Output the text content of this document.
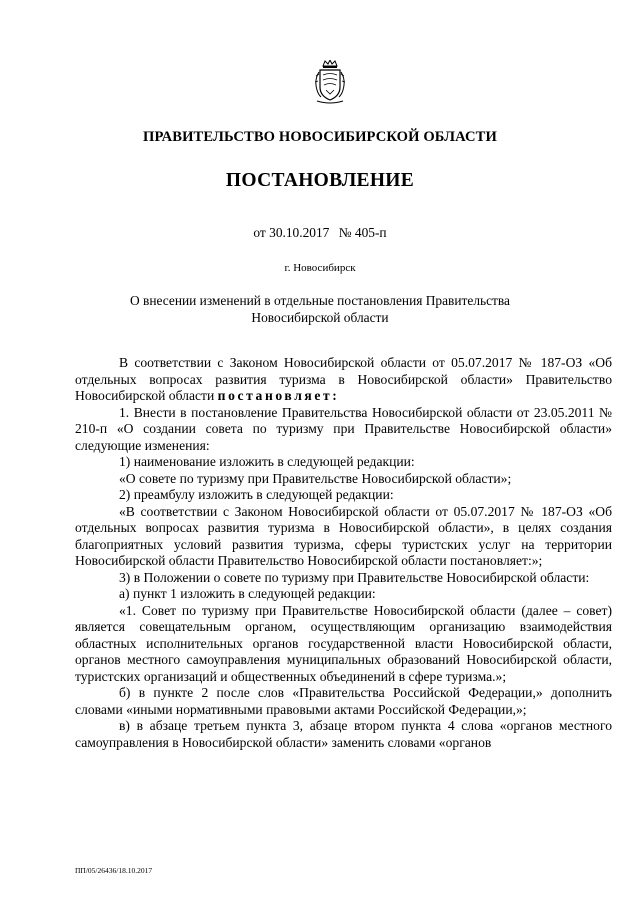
ПРАВИТЕЛЬСТВО НОВОСИБИРСКОЙ ОБЛАСТИ
ПОСТАНОВЛЕНИЕ
от 30.10.2017 № 405-п
г. Новосибирск
О внесении изменений в отдельные постановления Правительства
Новосибирской области

В соответствии с Законом Новосибирской области от 05.07.2017 № 187-ОЗ «Об отдельных вопросах развития туризма в Новосибирской области» Правительство Новосибирской области постановляет:

1. Внести в постановление Правительства Новосибирской области от 23.05.2011 № 210-п «О создании совета по туризму при Правительстве Новосибирской области» следующие изменения:

1) наименование изложить в следующей редакции:

«О совете по туризму при Правительстве Новосибирской области»;

2) преамбулу изложить в следующей редакции:

«В соответствии с Законом Новосибирской области от 05.07.2017 № 187-ОЗ «Об отдельных вопросах развития туризма в Новосибирской области», в целях создания благоприятных условий развития туризма, сферы туристских услуг на территории Новосибирской области Правительство Новосибирской области постановляет:»;

3) в Положении о совете по туризму при Правительстве Новосибирской области:

а) пункт 1 изложить в следующей редакции:

«1. Совет по туризму при Правительстве Новосибирской области (далее – совет) является совещательным органом, осуществляющим организацию взаимодействия областных исполнительных органов государственной власти Новосибирской области, органов местного самоуправления муниципальных образований Новосибирской области, туристских организаций и общественных объединений в сфере туризма.»;

б) в пункте 2 после слов «Правительства Российской Федерации,» дополнить словами «иными нормативными правовыми актами Российской Федерации,»;

в) в абзаце третьем пункта 3, абзаце втором пункта 4 слова «органов местного самоуправления в Новосибирской области» заменить словами «органов

ПП/05/26436/18.10.2017
